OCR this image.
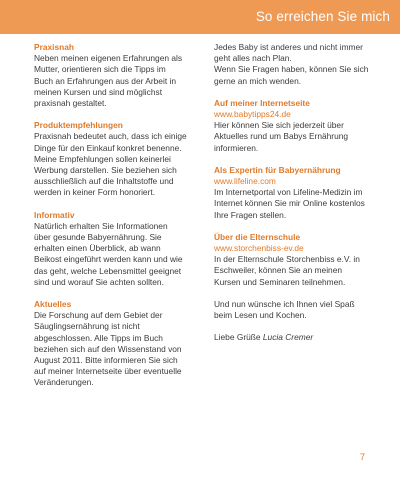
So erreichen Sie mich
Praxisnah
Neben meinen eigenen Erfahrungen als
Mutter, orientieren sich die Tipps im
Buch an Erfahrungen aus der Arbeit in
meinen Kursen und sind möglichst
praxisnah gestaltet.
Produktempfehlungen
Praxisnah bedeutet auch, dass ich einige
Dinge für den Einkauf konkret benenne.
Meine Empfehlungen sollen keinerlei
Werbung darstellen. Sie beziehen sich
ausschließlich auf die Inhaltstoffe und
werden in keiner Form honoriert.
Informativ
Natürlich erhalten Sie Informationen
über gesunde Babyernährung. Sie
erhalten einen Überblick, ab wann
Beikost eingeführt werden kann und wie
das geht, welche Lebensmittel geeignet
sind und worauf Sie achten sollten.
Aktuelles
Die Forschung auf dem Gebiet der
Säuglingsernährung ist nicht
abgeschlossen. Alle Tipps im Buch
beziehen sich auf den Wissenstand von
August 2011. Bitte informieren Sie sich
auf meiner Internetseite über eventuelle
Veränderungen.
Jedes Baby ist anderes und nicht immer
geht alles nach Plan.
Wenn Sie Fragen haben, können Sie sich
gerne an mich wenden.
Auf meiner Internetseite
www.babytipps24.de
Hier können Sie sich jederzeit über
Aktuelles rund um Babys Ernährung
informieren.
Als Expertin für Babyernährung
www.lifeline.com
Im Internetportal von Lifeline-Medizin im
Internet können Sie mir Online kostenlos
Ihre Fragen stellen.
Über die Elternschule
www.storchenbiss-ev.de
In der Elternschule Storchenbiss e.V. in
Eschweiler, können Sie an meinen
Kursen und Seminaren teilnehmen.
Und nun wünsche ich Ihnen viel Spaß
beim Lesen und Kochen.
Liebe Grüße Lucia Cremer
7
